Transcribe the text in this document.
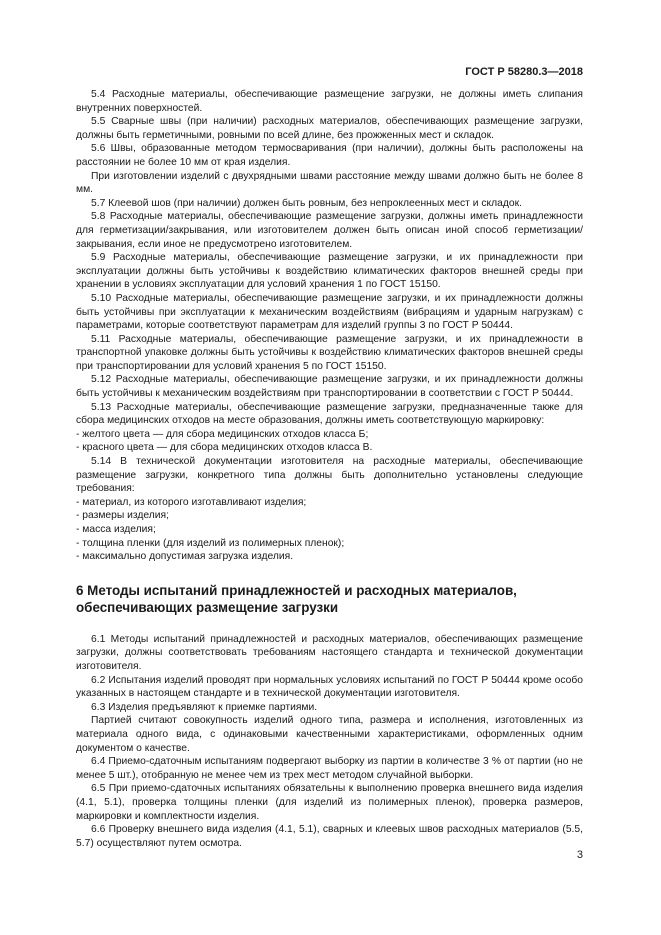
ГОСТ Р 58280.3—2018

5.4 Расходные материалы, обеспечивающие размещение загрузки, не должны иметь слипания внутренних поверхностей.

5.5 Сварные швы (при наличии) расходных материалов, обеспечивающих размещение загрузки, должны быть герметичными, ровными по всей длине, без прожженных мест и складок.

5.6 Швы, образованные методом термосваривания (при наличии), должны быть расположены на расстоянии не более 10 мм от края изделия.

При изготовлении изделий с двухрядными швами расстояние между швами должно быть не более 8 мм.

5.7 Клеевой шов (при наличии) должен быть ровным, без непроклеенных мест и складок.

5.8 Расходные материалы, обеспечивающие размещение загрузки, должны иметь принадлежности для герметизации/закрывания, или изготовителем должен быть описан иной способ герметизации/закрывания, если иное не предусмотрено изготовителем.

5.9 Расходные материалы, обеспечивающие размещение загрузки, и их принадлежности при эксплуатации должны быть устойчивы к воздействию климатических факторов внешней среды при хранении в условиях эксплуатации для условий хранения 1 по ГОСТ 15150.

5.10 Расходные материалы, обеспечивающие размещение загрузки, и их принадлежности должны быть устойчивы при эксплуатации к механическим воздействиям (вибрациям и ударным нагрузкам) с параметрами, которые соответствуют параметрам для изделий группы 3 по ГОСТ Р 50444.

5.11 Расходные материалы, обеспечивающие размещение загрузки, и их принадлежности в транспортной упаковке должны быть устойчивы к воздействию климатических факторов внешней среды при транспортировании для условий хранения 5 по ГОСТ 15150.

5.12 Расходные материалы, обеспечивающие размещение загрузки, и их принадлежности должны быть устойчивы к механическим воздействиям при транспортировании в соответствии с ГОСТ Р 50444.

5.13 Расходные материалы, обеспечивающие размещение загрузки, предназначенные также для сбора медицинских отходов на месте образования, должны иметь соответствующую маркировку:

- желтого цвета — для сбора медицинских отходов класса Б;

- красного цвета — для сбора медицинских отходов класса В.

5.14 В технической документации изготовителя на расходные материалы, обеспечивающие размещение загрузки, конкретного типа должны быть дополнительно установлены следующие требования:

- материал, из которого изготавливают изделия;

- размеры изделия;

- масса изделия;

- толщина пленки (для изделий из полимерных пленок);

- максимально допустимая загрузка изделия.

6 Методы испытаний принадлежностей и расходных материалов, обеспечивающих размещение загрузки

6.1 Методы испытаний принадлежностей и расходных материалов, обеспечивающих размещение загрузки, должны соответствовать требованиям настоящего стандарта и технической документации изготовителя.

6.2 Испытания изделий проводят при нормальных условиях испытаний по ГОСТ Р 50444 кроме особо указанных в настоящем стандарте и в технической документации изготовителя.

6.3 Изделия предъявляют к приемке партиями.

Партией считают совокупность изделий одного типа, размера и исполнения, изготовленных из материала одного вида, с одинаковыми качественными характеристиками, оформленных одним документом о качестве.

6.4 Приемо-сдаточным испытаниям подвергают выборку из партии в количестве 3 % от партии (но не менее 5 шт.), отобранную не менее чем из трех мест методом случайной выборки.

6.5 При приемо-сдаточных испытаниях обязательны к выполнению проверка внешнего вида изделия (4.1, 5.1), проверка толщины пленки (для изделий из полимерных пленок), проверка размеров, маркировки и комплектности изделия.

6.6 Проверку внешнего вида изделия (4.1, 5.1), сварных и клеевых швов расходных материалов (5.5, 5.7) осуществляют путем осмотра.

3
